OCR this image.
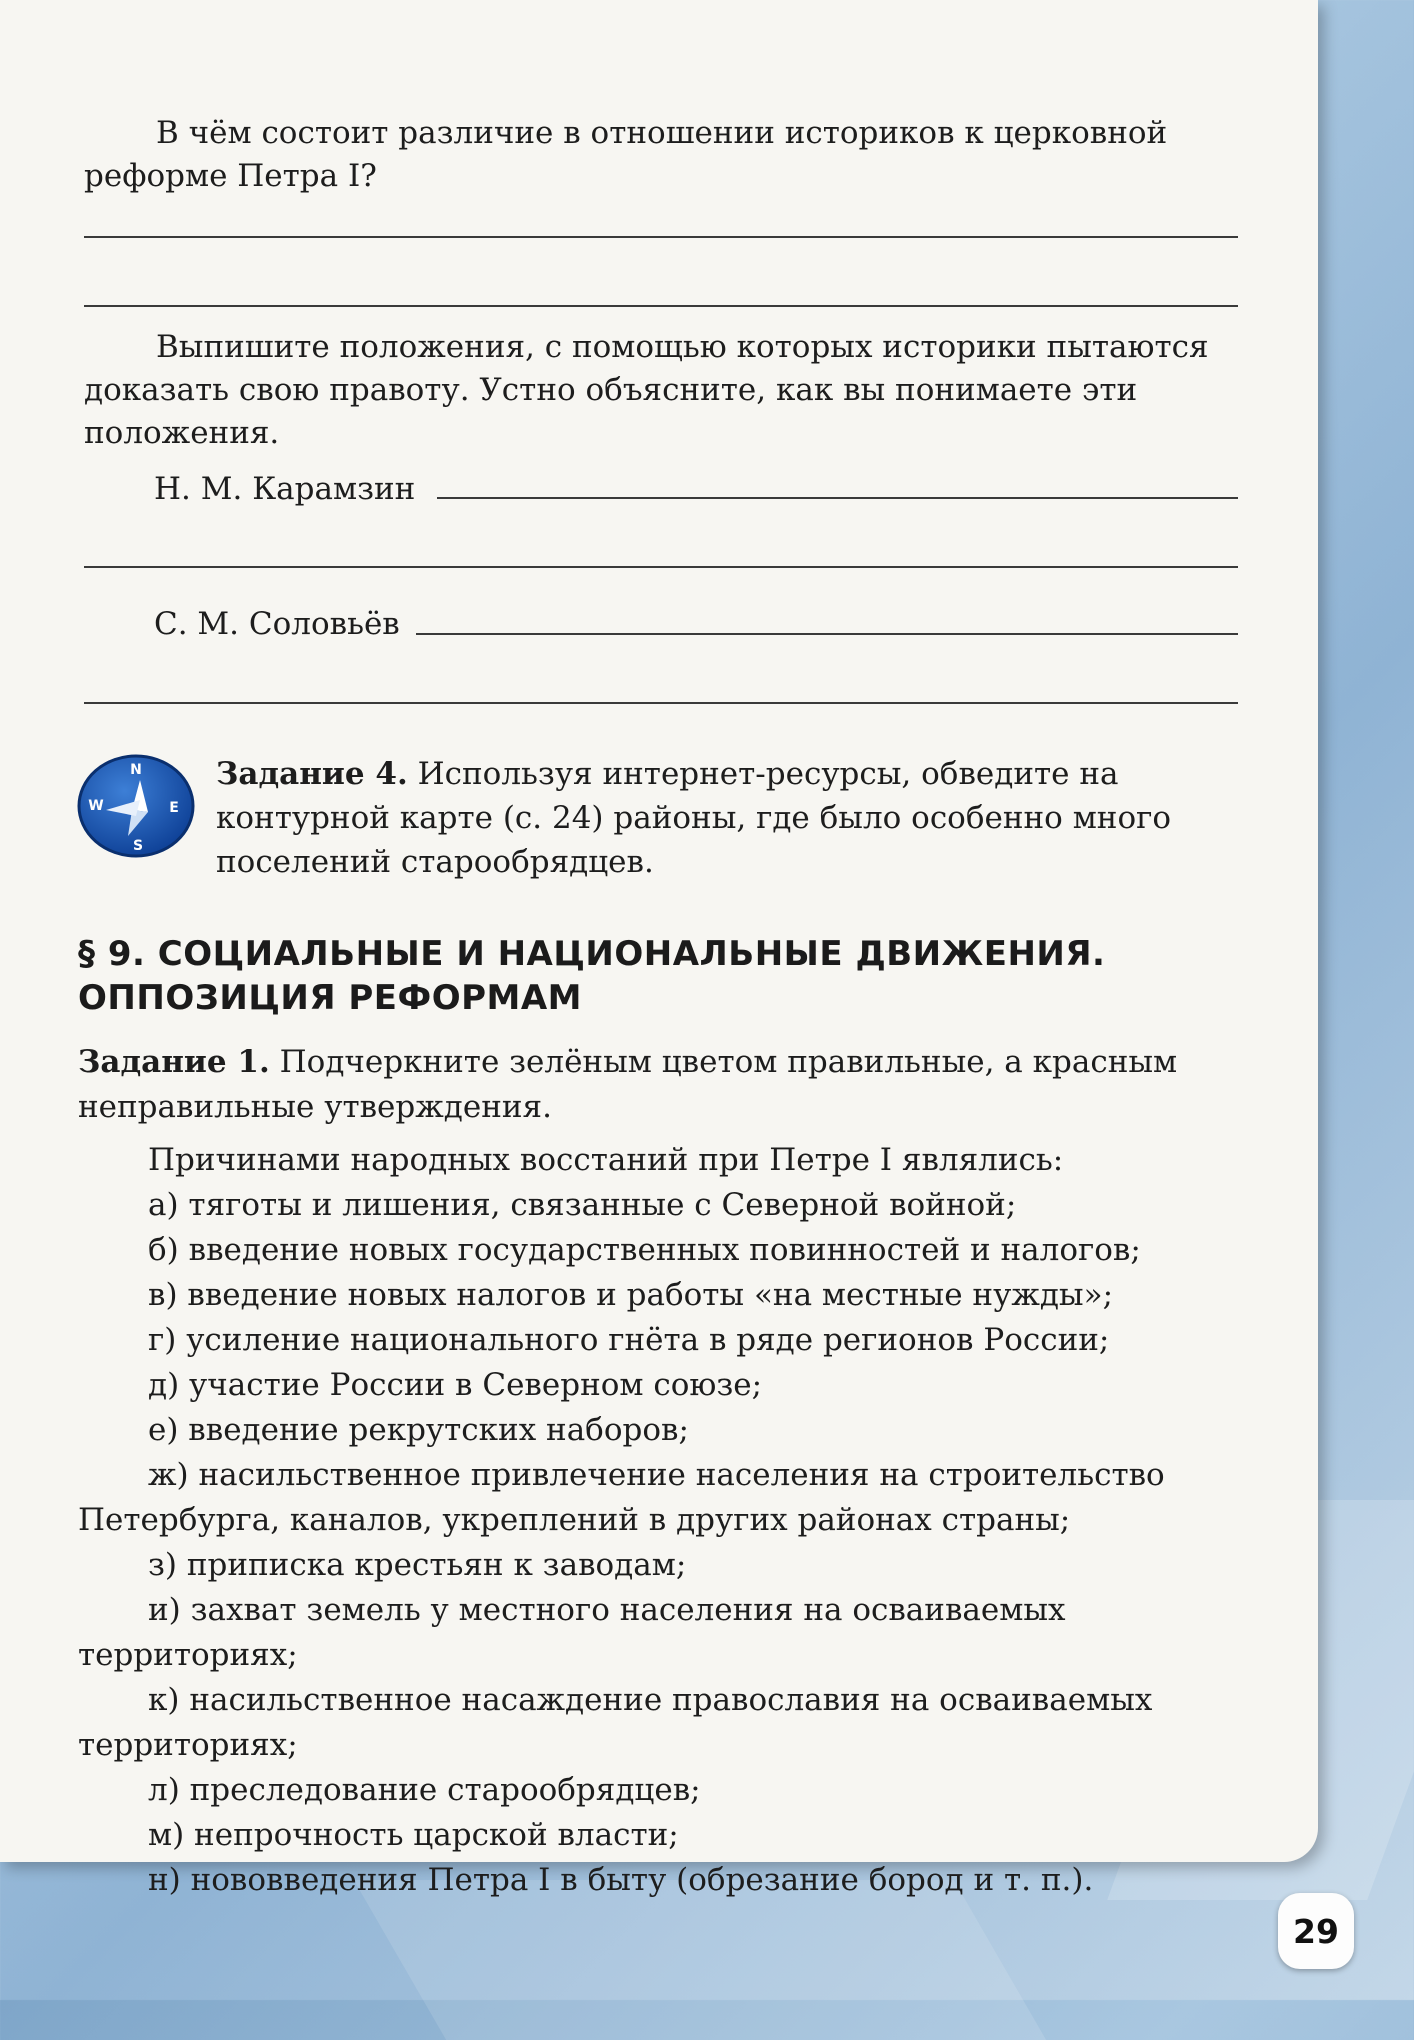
В чём состоит различие в отношении историков к церковной реформе Петра I?
Выпишите положения, с помощью которых историки пытаются доказать свою правоту. Устно объясните, как вы понимаете эти положения.
Н. М. Карамзин
С. М. Соловьёв
N
E
S
W
Задание 4. Используя интернет-ресурсы, обведите на контурной карте (с. 24) районы, где было особенно много поселений старообрядцев.
§ 9. СОЦИАЛЬНЫЕ И НАЦИОНАЛЬНЫЕ ДВИЖЕНИЯ.
ОППОЗИЦИЯ РЕФОРМАМ
Задание 1. Подчеркните зелёным цветом правильные, а красным неправильные утверждения.
Причинами народных восстаний при Петре I являлись:
а) тяготы и лишения, связанные с Северной войной;
б) введение новых государственных повинностей и налогов;
в) введение новых налогов и работы «на местные нужды»;
г) усиление национального гнёта в ряде регионов России;
д) участие России в Северном союзе;
е) введение рекрутских наборов;
ж) насильственное привлечение населения на строительство Петербурга, каналов, укреплений в других районах страны;
з) приписка крестьян к заводам;
и) захват земель у местного населения на осваиваемых территориях;
к) насильственное насаждение православия на осваиваемых территориях;
л) преследование старообрядцев;
м) непрочность царской власти;
н) нововведения Петра I в быту (обрезание бород и т. п.).
29
